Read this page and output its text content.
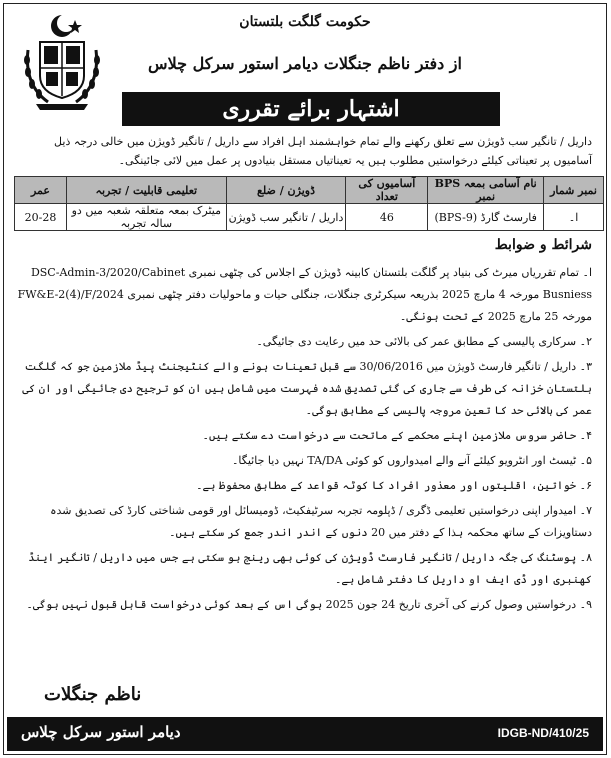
حکومت گلگت بلتستان
از دفتر ناظم جنگلات دیامر استور سرکل چلاس
اشتہار برائے تقرری

داریل / تانگیر سب ڈویژن سے تعلق رکھنے والے تمام خواہشمند اہل افراد سے داریل / تانگیر ڈویژن میں خالی درجہ ذیل آسامیوں پر تعیناتی کیلئے درخواستیں مطلوب ہیں یہ تعیناتیاں مستقل بنیادوں پر عمل میں لائی جائینگی۔

نمبر شمار	نام آسامی بمعہ BPS نمبر	آسامیوں کی تعداد	ڈویژن / ضلع	تعلیمی قابلیت / تجربہ	عمر
ا۔	فارسٹ گارڈ (BPS-9)	46	داریل / تانگیر سب ڈویژن	میٹرک بمعہ متعلقہ شعبہ میں دو سالہ تجربہ	20-28
شرائط و ضوابط

ا۔ تمام تقرریاں میرٹ کی بنیاد پر گلگت بلتستان کابینہ ڈویژن کے اجلاس کی چٹھی نمبری DSC-Admin-3/2020/Cabinet Busniess مورخہ 4 مارچ 2025 بذریعہ سیکرٹری جنگلات، جنگلی حیات و ماحولیات دفتر چٹھی نمبری FW&E-2(4)/F/2024 مورخہ 25 مارچ 2025 کے تحت ہونگی۔

۲۔ سرکاری پالیسی کے مطابق عمر کی بالائی حد میں رعایت دی جائیگی۔

۳۔ داریل / تانگیر فارسٹ ڈویژن میں 30/06/2016 سے قبل تعینات ہونے والے کنٹیجنٹ پیڈ ملازمین جو کہ گلگت بلتستان خزانہ کی طرف سے جاری کی گئی تصدیق شدہ فہرست میں شامل ہیں ان کو ترجیح دی جائیگی اور ان کی عمر کی بالائی حد کا تعین مروجہ پالیسی کے مطابق ہوگی۔

۴۔ حاضر سروس ملازمین اپنے محکمے کے ماتحت سے درخواست دے سکتے ہیں۔

۵۔ ٹیسٹ اور انٹرویو کیلئے آنے والے امیدواروں کو کوئی TA/DA نہیں دیا جائیگا۔

۶۔ خواتین، اقلیتوں اور معذور افراد کا کوٹہ قواعد کے مطابق محفوظ ہے۔

۷۔ امیدوار اپنی درخواستیں تعلیمی ڈگری / ڈپلومہ تجربہ سرٹیفکیٹ، ڈومیسائل اور قومی شناختی کارڈ کی تصدیق شدہ دستاویزات کے ساتھ محکمہ ہذا کے دفتر میں 20 دنوں کے اندر اندر جمع کر سکتے ہیں۔

۸۔ پوسٹنگ کی جگہ داریل / تانگیر فارسٹ ڈویژن کی کوئی بھی رینج ہو سکتی ہے جس میں داریل / تانگیر اینڈ کھنبری اور ڈی ایف او داریل کا دفتر شامل ہے۔

۹۔ درخواستیں وصول کرنے کی آخری تاریخ 24 جون 2025 ہوگی اس کے بعد کوئی درخواست قابل قبول نہیں ہوگی۔

ناظم جنگلات
دیامر استور سرکل چلاس	IDGB-ND/410/25
